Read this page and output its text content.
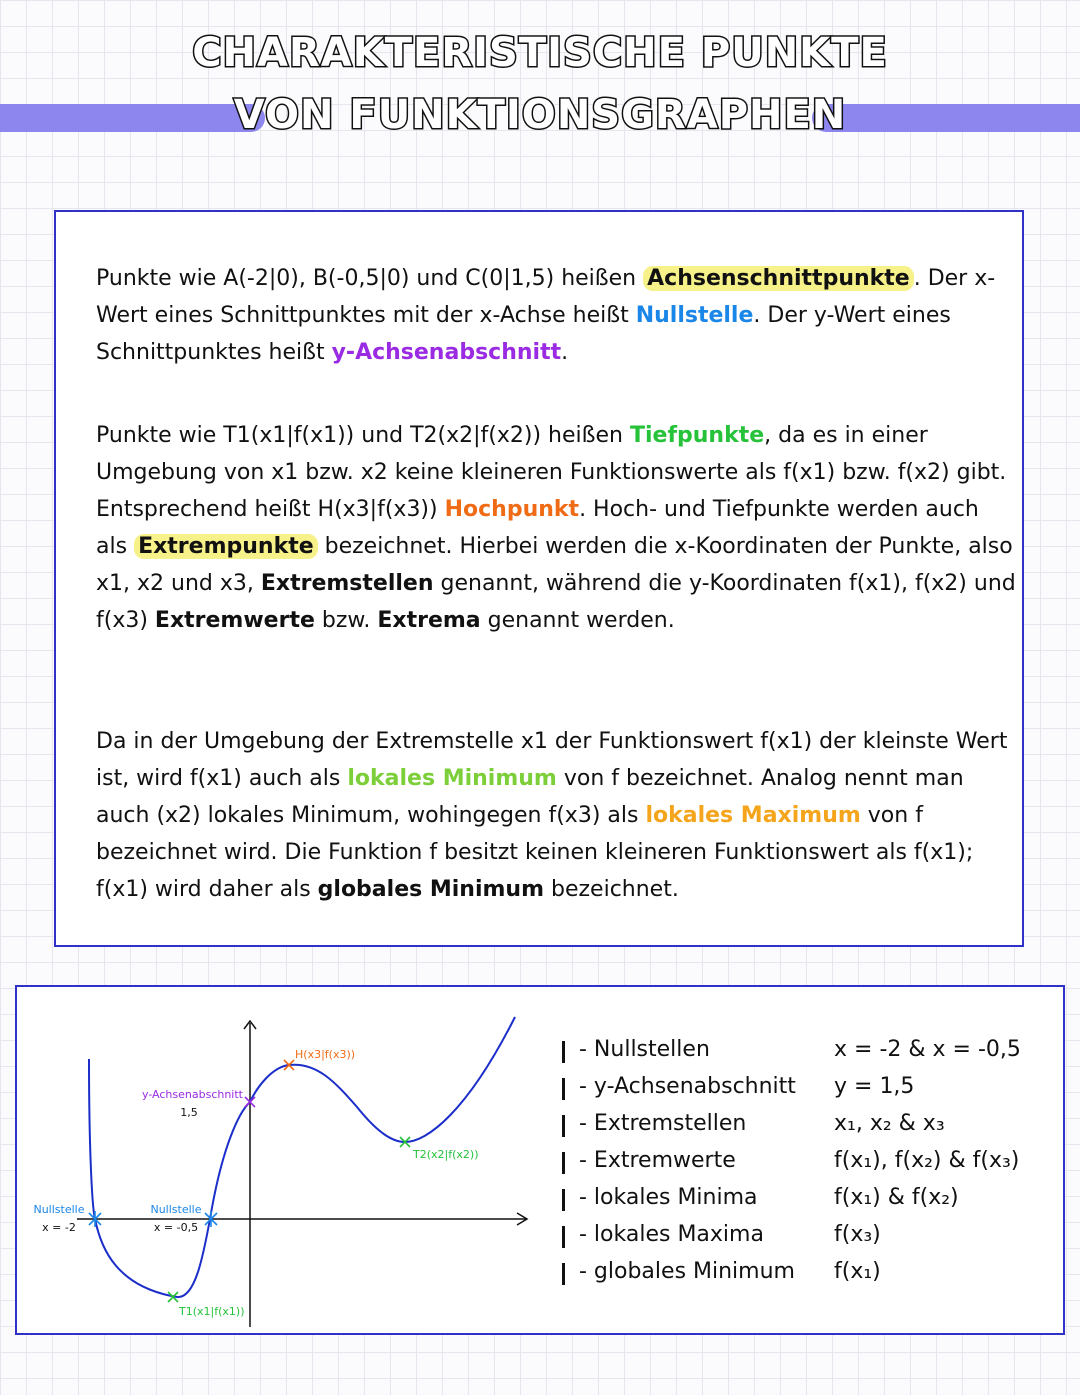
CHARAKTERISTISCHE PUNKTE
VON FUNKTIONSGRAPHEN
Punkte wie A(-2|0), B(-0,5|0) und C(0|1,5) heißen Achsenschnittpunkte . Der x-Wert eines Schnittpunktes mit der x-Achse heißt Nullstelle. Der y-Wert eines Schnittpunktes heißt y-Achsenabschnitt.
Punkte wie T1(x1|f(x1)) und T2(x2|f(x2)) heißen Tiefpunkte, da es in einer Umgebung von x1 bzw. x2 keine kleineren Funktionswerte als f(x1) bzw. f(x2) gibt. Entsprechend heißt H(x3|f(x3)) Hochpunkt. Hoch- und Tiefpunkte werden auch als Extrempunkte bezeichnet. Hierbei werden die x-Koordinaten der Punkte, also x1, x2 und x3, Extremstellen genannt, während die y-Koordinaten f(x1), f(x2) und f(x3) Extremwerte bzw. Extrema genannt werden.
Da in der Umgebung der Extremstelle x1 der Funktionswert f(x1) der kleinste Wert ist, wird f(x1) auch als lokales Minimum von f bezeichnet. Analog nennt man auch (x2) lokales Minimum, wohingegen f(x3) als lokales Maximum von f bezeichnet wird. Die Funktion f besitzt keinen kleineren Funktionswert als f(x1); f(x1) wird daher als globales Minimum bezeichnet.
H(x3|f(x3))
y-Achsenabschnitt
1,5
T2(x2|f(x2))
T1(x1|f(x1))
Nullstelle
x = -2
Nullstelle
x = -0,5
- Nullstellen	x = -2 & x = -0,5
- y-Achsenabschnitt y = 1,5
- Extremstellen	x₁, x₂ & x₃
- Extremwerte	f(x₁), f(x₂) & f(x₃)
- lokales Minima	f(x₁) & f(x₂)
- lokales Maxima	f(x₃)
- globales Minimum f(x₁)
